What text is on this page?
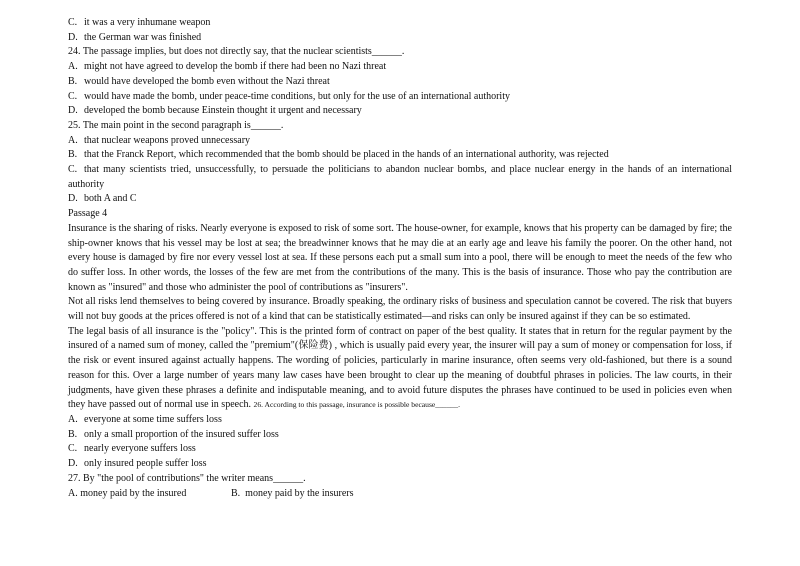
C. it was a very inhumane weapon
D. the German war was finished
24. The passage implies, but does not directly say, that the nuclear scientists______.
A. might not have agreed to develop the bomb if there had been no Nazi threat
B. would have developed the bomb even without the Nazi threat
C. would have made the bomb, under peace-time conditions, but only for the use of an international authority
D. developed the bomb because Einstein thought it urgent and necessary
25. The main point in the second paragraph is______.
A. that nuclear weapons proved unnecessary
B. that the Franck Report, which recommended that the bomb should be placed in the hands of an international authority, was rejected
C. that many scientists tried, unsuccessfully, to persuade the politicians to abandon nuclear bombs, and place nuclear energy in the hands of an international authority
D. both A and C
Passage 4
Insurance is the sharing of risks. Nearly everyone is exposed to risk of some sort. The house-owner, for example, knows that his property can be damaged by fire; the ship-owner knows that his vessel may be lost at sea; the breadwinner knows that he may die at an early age and leave his family the poorer. On the other hand, not every house is damaged by fire nor every vessel lost at sea. If these persons each put a small sum into a pool, there will be enough to meet the needs of the few who do suffer loss. In other words, the losses of the few are met from the contributions of the many. This is the basis of insurance. Those who pay the contribution are known as "insured" and those who administer the pool of contributions as "insurers".
Not all risks lend themselves to being covered by insurance. Broadly speaking, the ordinary risks of business and speculation cannot be covered. The risk that buyers will not buy goods at the prices offered is not of a kind that can be statistically estimated—and risks can only be insured against if they can be so estimated.
The legal basis of all insurance is the "policy". This is the printed form of contract on paper of the best quality. It states that in return for the regular payment by the insured of a named sum of money, called the "premium"(保险费) , which is usually paid every year, the insurer will pay a sum of money or compensation for loss, if the risk or event insured against actually happens. The wording of policies, particularly in marine insurance, often seems very old-fashioned, but there is a sound reason for this. Over a large number of years many law cases have been brought to clear up the meaning of doubtful phrases in policies. The law courts, in their judgments, have given these phrases a definite and indisputable meaning, and to avoid future disputes the phrases have continued to be used in policies even when they have passed out of normal use in speech. 26. According to this passage, insurance is possible because______.
A. everyone at some time suffers loss
B. only a small proportion of the insured suffer loss
C. nearly everyone suffers loss
D. only insured people suffer loss
27. By "the pool of contributions" the writer means______.
A. money paid by the insured	B. money paid by the insurers
